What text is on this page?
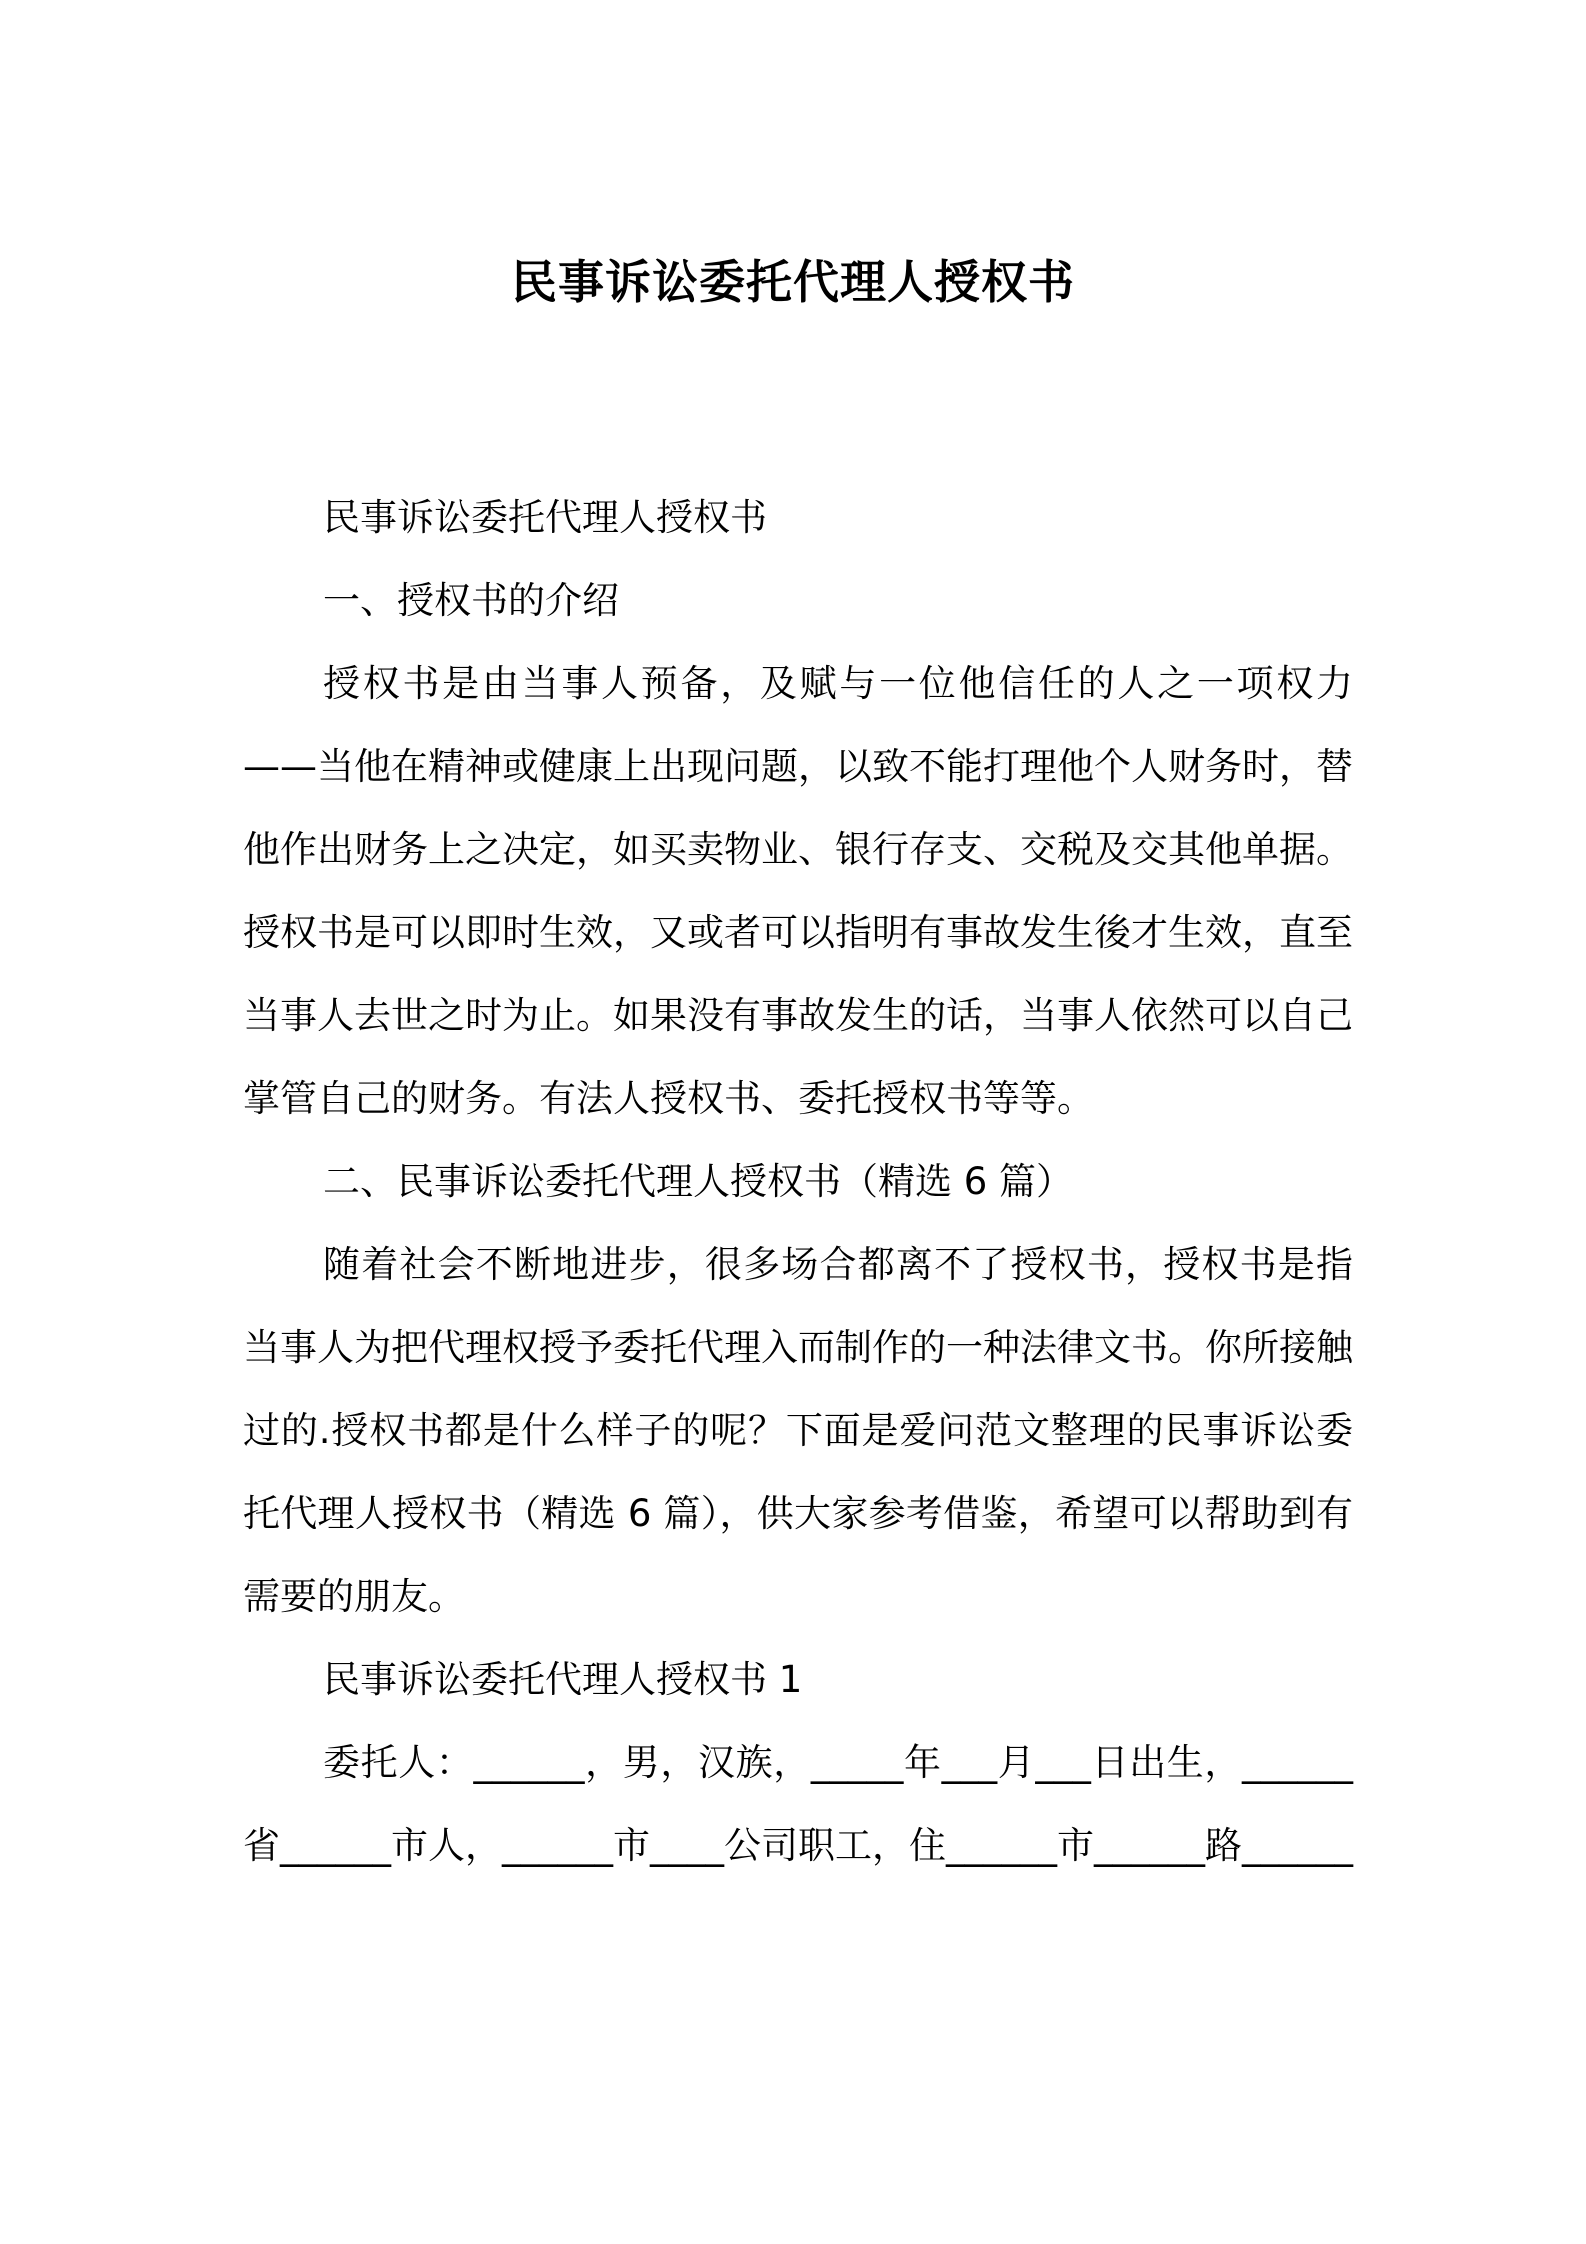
民事诉讼委托代理人授权书

民事诉讼委托代理人授权书

一、授权书的介绍

授权书是由当事人预备，及赋与一位他信任的人之一项权力——当他在精神或健康上出现问题，以致不能打理他个人财务时，替他作出财务上之决定，如买卖物业、银行存支、交税及交其他单据。授权书是可以即时生效，又或者可以指明有事故发生後才生效，直至当事人去世之时为止。如果没有事故发生的话，当事人依然可以自己掌管自己的财务。有法人授权书、委托授权书等等。

二、民事诉讼委托代理人授权书（精选 6 篇）

随着社会不断地进步，很多场合都离不了授权书，授权书是指当事人为把代理权授予委托代理入而制作的一种法律文书。你所接触过的.授权书都是什么样子的呢？下面是爱问范文整理的民事诉讼委托代理人授权书（精选 6 篇），供大家参考借鉴，希望可以帮助到有需要的朋友。

民事诉讼委托代理人授权书 1

委托人：______，男，汉族，_____年___月___日出生，______省______市人，______市____公司职工，住______市______路______
